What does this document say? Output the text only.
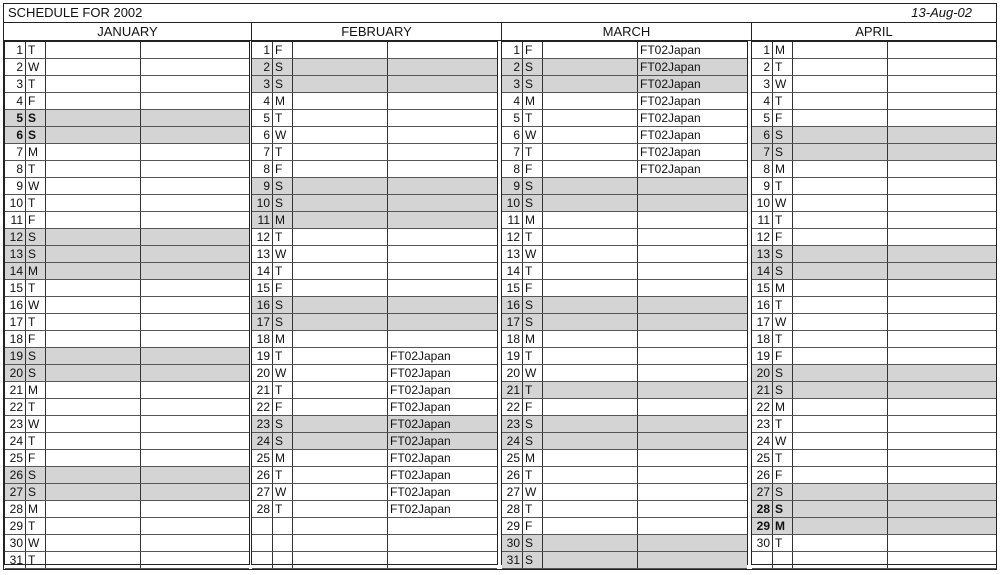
SCHEDULE FOR 2002	13-Aug-02
JANUARY	FEBRUARY	MARCH	APRIL
1 T
2 W
3 T
4 F
5 S
6 S
7 M
8 T
9 W
10 T
11 F
12 S
13 S
14 M
15 T
16 W
17 T
18 F
19 S
20 S
21 M
22 T
23 W
24 T
25 F
26 S
27 S
28 M
29 T
30 W
31 T
1 F
2 S
3 S
4 M
5 T
6 W
7 T
8 F
9 S
10 S
11 M
12 T
13 W
14 T
15 F
16 S
17 S
18 M
19 T	FT02Japan
20 W	FT02Japan
21 T	FT02Japan
22 F	FT02Japan
23 S	FT02Japan
24 S	FT02Japan
25 M	FT02Japan
26 T	FT02Japan
27 W	FT02Japan
28 T	FT02Japan
1 F	FT02Japan
2 S	FT02Japan
3 S	FT02Japan
4 M	FT02Japan
5 T	FT02Japan
6 W	FT02Japan
7 T	FT02Japan
8 F	FT02Japan
9 S
10 S
11 M
12 T
13 W
14 T
15 F
16 S
17 S
18 M
19 T
20 W
21 T
22 F
23 S
24 S
25 M
26 T
27 W
28 T
29 F
30 S
31 S
1 M
2 T
3 W
4 T
5 F
6 S
7 S
8 M
9 T
10 W
11 T
12 F
13 S
14 S
15 M
16 T
17 W
18 T
19 F
20 S
21 S
22 M
23 T
24 W
25 T
26 F
27 S
28 S
29 M
30 T
